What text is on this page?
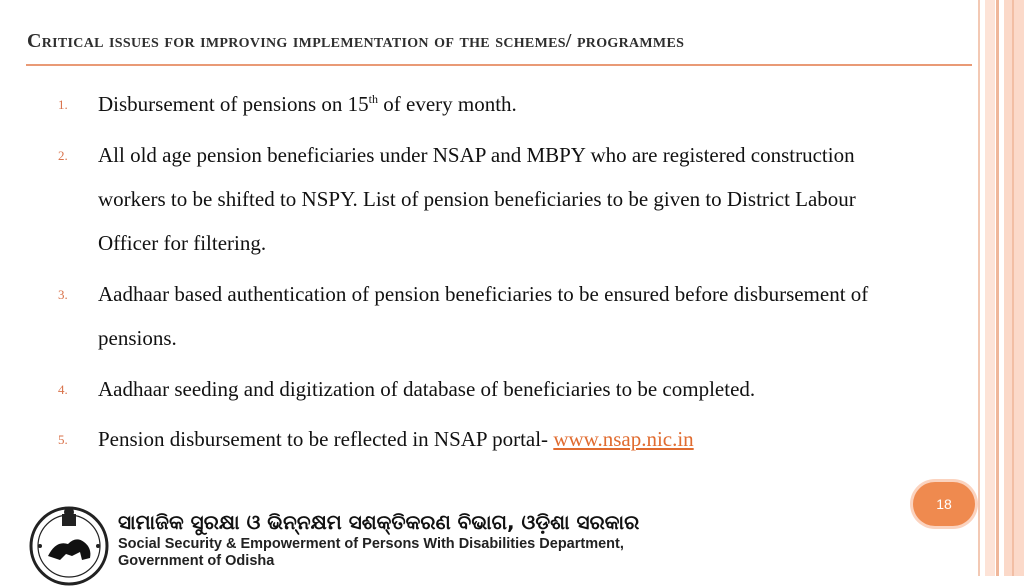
Critical issues for improving implementation of the schemes/ programmes
1. Disbursement of pensions on 15th of every month.
2. All old age pension beneficiaries under NSAP and MBPY who are registered construction workers to be shifted to NSPY. List of pension beneficiaries to be given to District Labour Officer for filtering.
3. Aadhaar based authentication of pension beneficiaries to be ensured before disbursement of pensions.
4. Aadhaar seeding and digitization of database of beneficiaries to be completed.
5. Pension disbursement to be reflected in NSAP portal- www.nsap.nic.in
18
ସାମାଜିକ ସୁରକ୍ଷା ଓ ଭିନ୍ନକ୍ଷମ ସଶକ୍ତିକରଣ ବିଭାଗ, ଓଡ଼ିଶା ସରକାର
Social Security & Empowerment of Persons With Disabilities Department,
Government of Odisha
